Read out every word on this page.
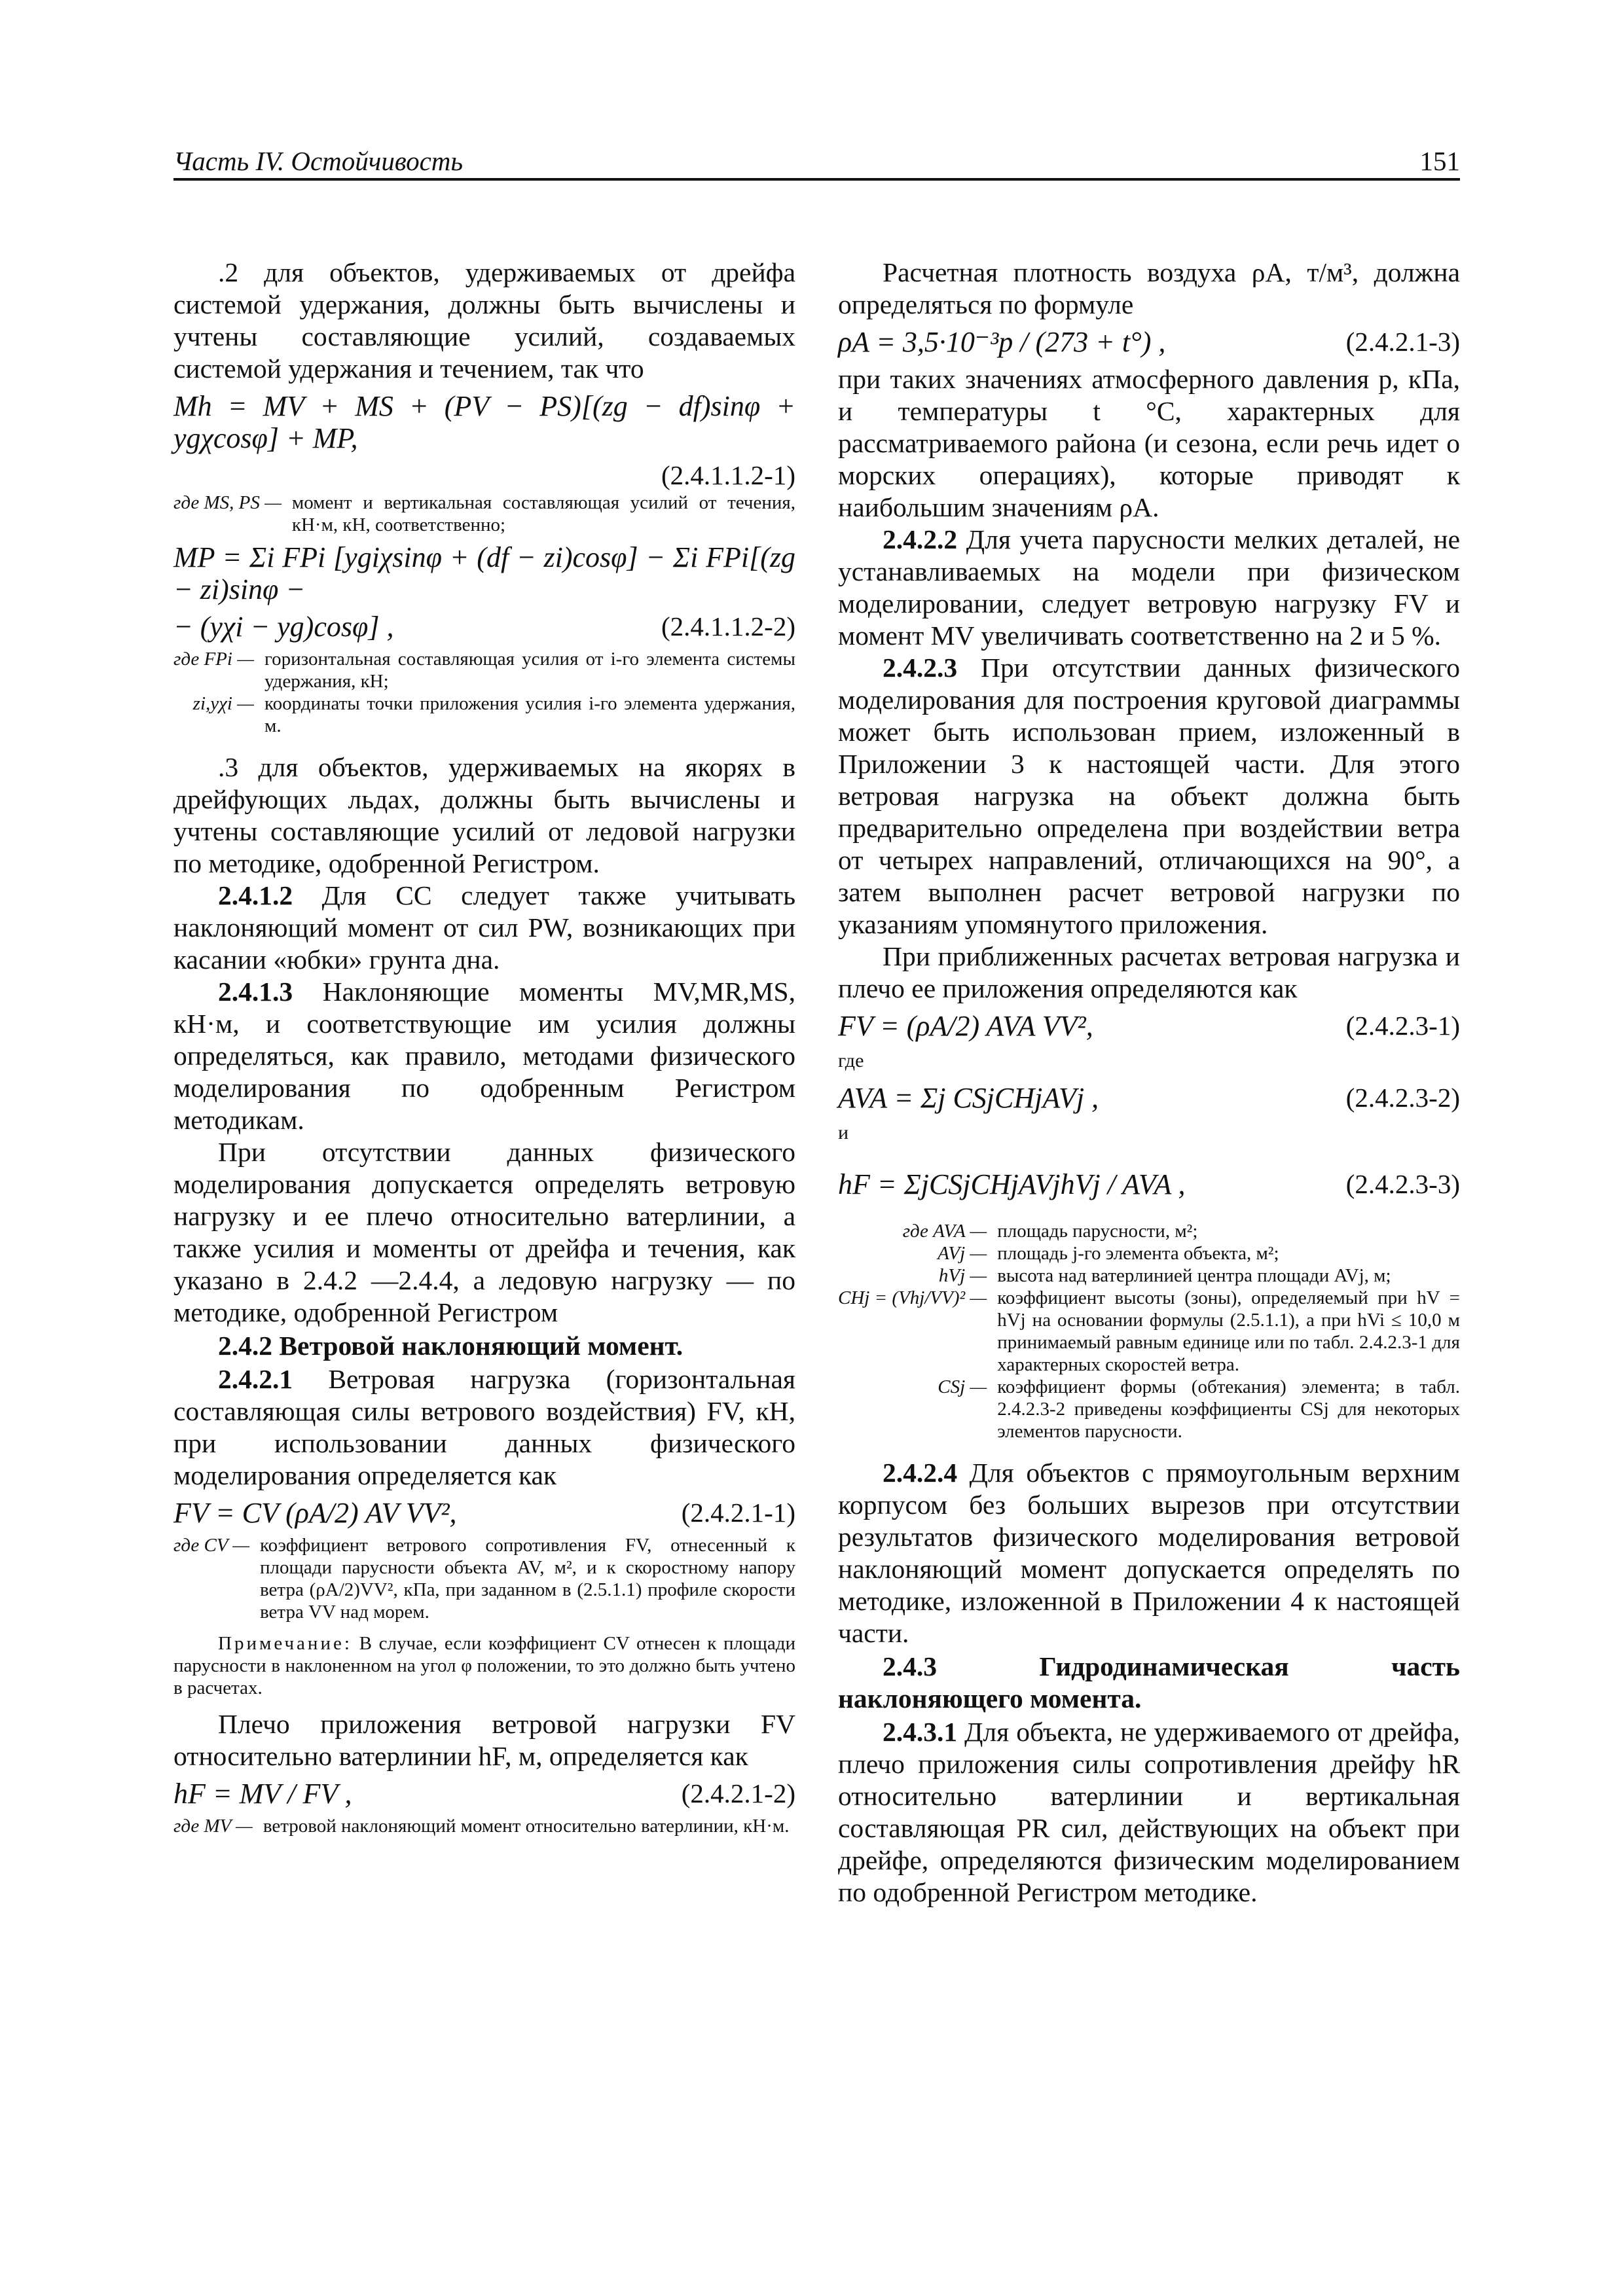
Часть IV. Остойчивость	151

.2 для объектов, удерживаемых от дрейфа системой удержания, должны быть вычислены и учтены составляющие усилий, создаваемых системой удержания и течением, так что

Mh = MV + MS + (PV − PS)[(zg − df)sinφ + ygχcosφ] + MP,

(2.4.1.1.2-1)

где MS, PS — момент и вертикальная составляющая усилий от течения, кН·м, кН, соответственно;
MP = Σi FPi [ygiχsinφ + (df − zi)cosφ] − Σi FPi[(zg − zi)sinφ −
− (yχi − yg)cosφ] ,	(2.4.1.1.2-2)
где FPi — горизонтальная составляющая усилия от i-го элемента системы удержания, кН;
zi,yχi — координаты точки приложения усилия i-го элемента удержания, м.

.3 для объектов, удерживаемых на якорях в дрейфующих льдах, должны быть вычислены и учтены составляющие усилий от ледовой нагрузки по методике, одобренной Регистром.

2.4.1.2 Для СС следует также учитывать наклоняющий момент от сил PW, возникающих при касании «юбки» грунта дна.

2.4.1.3 Наклоняющие моменты MV,MR,MS, кН·м, и соответствующие им усилия должны определяться, как правило, методами физического моделирования по одобренным Регистром методикам.

При отсутствии данных физического моделирования допускается определять ветровую нагрузку и ее плечо относительно ватерлинии, а также усилия и моменты от дрейфа и течения, как указано в 2.4.2 —2.4.4, а ледовую нагрузку — по методике, одобренной Регистром

2.4.2 Ветровой наклоняющий момент.

2.4.2.1 Ветровая нагрузка (горизонтальная составляющая силы ветрового воздействия) FV, кН, при использовании данных физического моделирования определяется как

FV = CV (ρA/2) AV VV²,	(2.4.2.1-1)
где CV — коэффициент ветрового сопротивления FV, отнесенный к площади парусности объекта AV, м², и к скоростному напору ветра (ρA/2)VV², кПа, при заданном в (2.5.1.1) профиле скорости ветра VV над морем.

Примечание: В случае, если коэффициент CV отнесен к площади парусности в наклоненном на угол φ положении, то это должно быть учтено в расчетах.

Плечо приложения ветровой нагрузки FV относительно ватерлинии hF, м, определяется как

hF = MV / FV ,	(2.4.2.1-2)
где MV — ветровой наклоняющий момент относительно ватерлинии, кН·м.

Расчетная плотность воздуха ρA, т/м³, должна определяться по формуле

ρA = 3,5·10⁻³p / (273 + t°) ,	(2.4.2.1-3)

при таких значениях атмосферного давления p, кПа, и температуры t °С, характерных для рассматриваемого района (и сезона, если речь идет о морских операциях), которые приводят к наибольшим значениям ρA.

2.4.2.2 Для учета парусности мелких деталей, не устанавливаемых на модели при физическом моделировании, следует ветровую нагрузку FV и момент MV увеличивать соответственно на 2 и 5 %.

2.4.2.3 При отсутствии данных физического моделирования для построения круговой диаграммы может быть использован прием, изложенный в Приложении 3 к настоящей части. Для этого ветровая нагрузка на объект должна быть предварительно определена при воздействии ветра от четырех направлений, отличающихся на 90°, а затем выполнен расчет ветровой нагрузки по указаниям упомянутого приложения.

При приближенных расчетах ветровая нагрузка и плечо ее приложения определяются как

FV = (ρA/2) AVA VV²,	(2.4.2.3-1)

где

AVA = Σj CSjCHjAVj ,	(2.4.2.3-2)

и

hF = ΣjCSjCHjAVjhVj / AVA ,	(2.4.2.3-3)
где AVA — площадь парусности, м²;
AVj — площадь j-го элемента объекта, м²;
hVj — высота над ватерлинией центра площади AVj, м;
CHj = (Vhj/VV)² — коэффициент высоты (зоны), определяемый при hV = hVj на основании формулы (2.5.1.1), а при hVi ≤ 10,0 м принимаемый равным единице или по табл. 2.4.2.3-1 для характерных скоростей ветра.
CSj — коэффициент формы (обтекания) элемента; в табл. 2.4.2.3-2 приведены коэффициенты CSj для некоторых элементов парусности.

2.4.2.4 Для объектов с прямоугольным верхним корпусом без больших вырезов при отсутствии результатов физического моделирования ветровой наклоняющий момент допускается определять по методике, изложенной в Приложении 4 к настоящей части.

2.4.3 Гидродинамическая часть наклоняющего момента.

2.4.3.1 Для объекта, не удерживаемого от дрейфа, плечо приложения силы сопротивления дрейфу hR относительно ватерлинии и вертикальная составляющая PR сил, действующих на объект при дрейфе, определяются физическим моделированием по одобренной Регистром методике.
